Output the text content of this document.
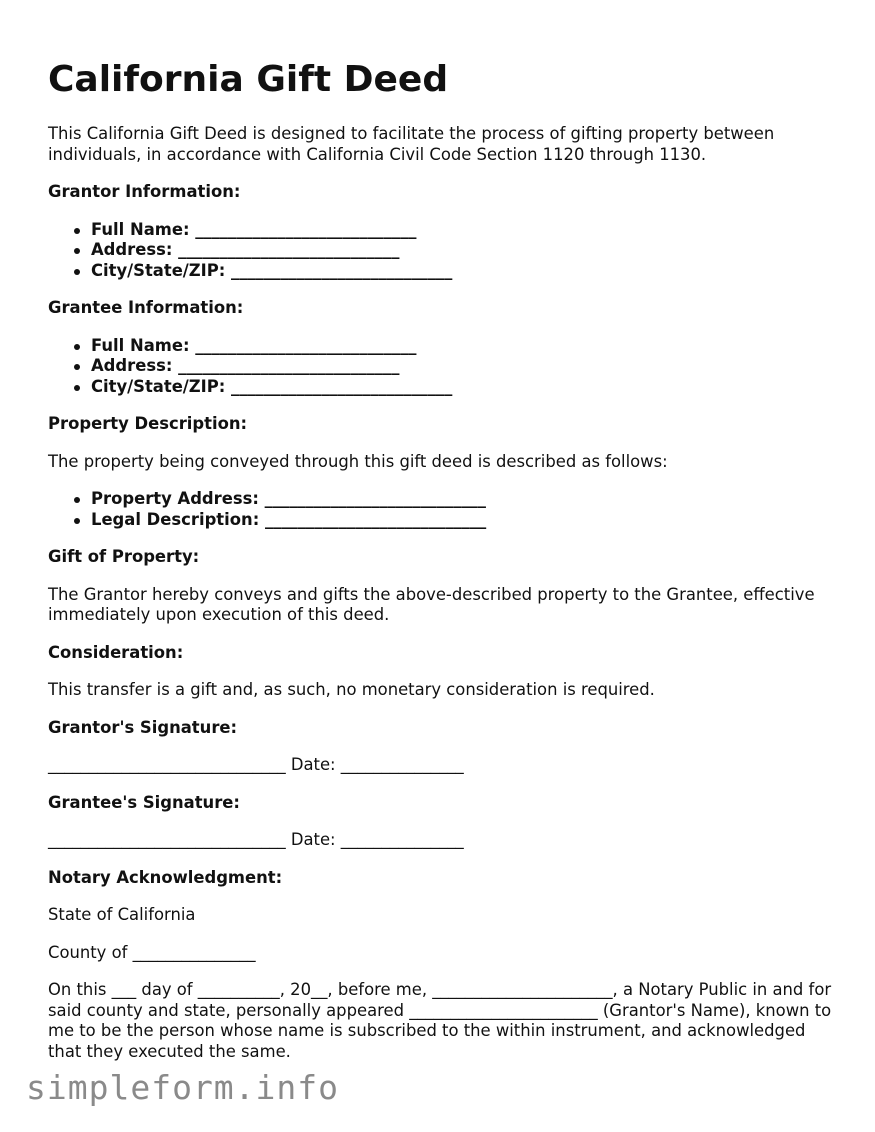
California Gift Deed

This California Gift Deed is designed to facilitate the process of gifting property between individuals, in accordance with California Civil Code Section 1120 through 1130.

Grantor Information:
Full Name: ___________________________
Address: ___________________________
City/State/ZIP: ___________________________
Grantee Information:
Full Name: ___________________________
Address: ___________________________
City/State/ZIP: ___________________________
Property Description:

The property being conveyed through this gift deed is described as follows:

Property Address: ___________________________
Legal Description: ___________________________
Gift of Property:

The Grantor hereby conveys and gifts the above-described property to the Grantee, effective immediately upon execution of this deed.

Consideration:

This transfer is a gift and, as such, no monetary consideration is required.

Grantor's Signature:

_____________________________ Date: _______________

Grantee's Signature:

_____________________________ Date: _______________

Notary Acknowledgment:

State of California

County of _______________

On this ___ day of __________, 20__, before me, ______________________, a Notary Public in and for said county and state, personally appeared _______________________ (Grantor's Name), known to me to be the person whose name is subscribed to the within instrument, and acknowledged that they executed the same.

simpleform.info
